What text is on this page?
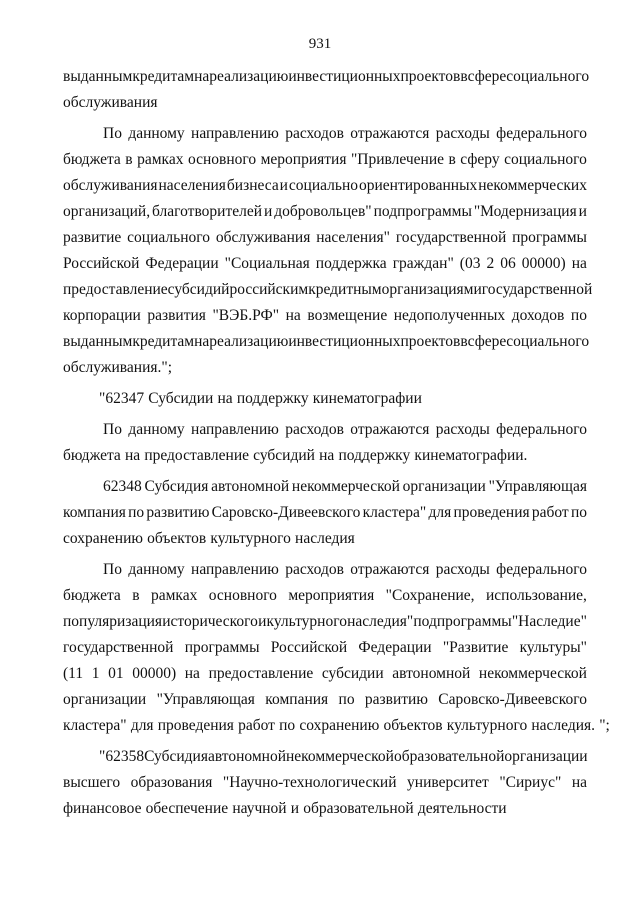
931
выданным кредитам на реализацию инвестиционных проектов в сфере социального
обслуживания
По данному направлению расходов отражаются расходы федерального
бюджета в рамках основного мероприятия "Привлечение в сферу социального
обслуживания населения бизнеса и социально ориентированных некоммерческих
организаций, благотворителей и добровольцев" подпрограммы "Модернизация и
развитие социального обслуживания населения" государственной программы
Российской Федерации "Социальная поддержка граждан" (03 2 06 00000) на
предоставление субсидий российским кредитным организациям и государственной
корпорации развития "ВЭБ.РФ" на возмещение недополученных доходов по
выданным кредитам на реализацию инвестиционных проектов в сфере социального
обслуживания.";
"62347 Субсидии на поддержку кинематографии
По данному направлению расходов отражаются расходы федерального
бюджета на предоставление субсидий на поддержку кинематографии.
62348 Субсидия автономной некоммерческой организации "Управляющая
компания по развитию Саровско-Дивеевского кластера" для проведения работ по
сохранению объектов культурного наследия
По данному направлению расходов отражаются расходы федерального
бюджета в рамках основного мероприятия "Сохранение, использование,
популяризация исторического и культурного наследия" подпрограммы "Наследие"
государственной программы Российской Федерации "Развитие культуры"
(11 1 01 00000) на предоставление субсидии автономной некоммерческой
организации "Управляющая компания по развитию Саровско-Дивеевского
кластера" для проведения работ по сохранению объектов культурного наследия. ";
"62358 Субсидия автономной некоммерческой образовательной организации
высшего образования "Научно-технологический университет "Сириус" на
финансовое обеспечение научной и образовательной деятельности
